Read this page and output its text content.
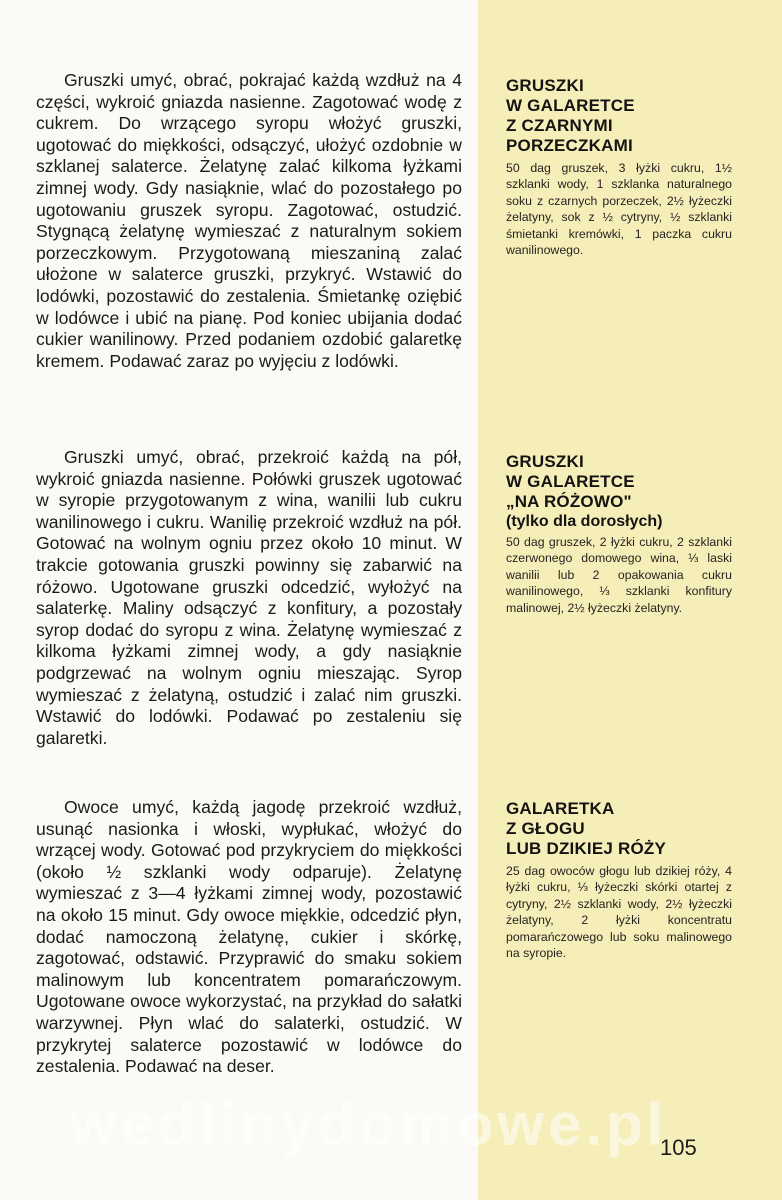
Gruszki umyć, obrać, pokrajać każdą wzdłuż na 4 części, wykroić gniazda nasienne. Zagotować wodę z cukrem. Do wrzącego syropu włożyć gruszki, ugotować do miękkości, odsączyć, ułożyć ozdobnie w szklanej salaterce. Żelatynę zalać kilkoma łyżkami zimnej wody. Gdy nasiąknie, wlać do pozostałego po ugotowaniu gruszek syropu. Zagotować, ostudzić. Stygnącą żelatynę wymieszać z naturalnym sokiem porzeczkowym. Przygotowaną mieszaniną zalać ułożone w salaterce gruszki, przykryć. Wstawić do lodówki, pozostawić do zestalenia. Śmietankę oziębić w lodówce i ubić na pianę. Pod koniec ubijania dodać cukier wanilinowy. Przed podaniem ozdobić galaretkę kremem. Podawać zaraz po wyjęciu z lodówki.

GRUSZKI
W GALARETCE
Z CZARNYMI
PORZECZKAMI

50 dag gruszek, 3 łyżki cukru, 1½ szklanki wody, 1 szklanka naturalnego soku z czarnych porzeczek, 2½ łyżeczki żelatyny, sok z ½ cytryny, ½ szklanki śmietanki kremówki, 1 paczka cukru wanilinowego.

Gruszki umyć, obrać, przekroić każdą na pół, wykroić gniazda nasienne. Połówki gruszek ugotować w syropie przygotowanym z wina, wanilii lub cukru wanilinowego i cukru. Wanilię przekroić wzdłuż na pół. Gotować na wolnym ogniu przez około 10 minut. W trakcie gotowania gruszki powinny się zabarwić na różowo. Ugotowane gruszki odcedzić, wyłożyć na salaterkę. Maliny odsączyć z konfitury, a pozostały syrop dodać do syropu z wina. Żelatynę wymieszać z kilkoma łyżkami zimnej wody, a gdy nasiąknie podgrzewać na wolnym ogniu mieszając. Syrop wymieszać z żelatyną, ostudzić i zalać nim gruszki. Wstawić do lodówki. Podawać po zestaleniu się galaretki.

GRUSZKI
W GALARETCE
„NA RÓŻOWO"

(tylko dla dorosłych)

50 dag gruszek, 2 łyżki cukru, 2 szklanki czerwonego domowego wina, ⅓ laski wanilii lub 2 opakowania cukru wanilinowego, ⅓ szklanki konfitury malinowej, 2½ łyżeczki żelatyny.

Owoce umyć, każdą jagodę przekroić wzdłuż, usunąć nasionka i włoski, wypłukać, włożyć do wrzącej wody. Gotować pod przykryciem do miękkości (około ½ szklanki wody odparuje). Żelatynę wymieszać z 3—4 łyżkami zimnej wody, pozostawić na około 15 minut. Gdy owoce miękkie, odcedzić płyn, dodać namoczoną żelatynę, cukier i skórkę, zagotować, odstawić. Przyprawić do smaku sokiem malinowym lub koncentratem pomarańczowym. Ugotowane owoce wykorzystać, na przykład do sałatki warzywnej. Płyn wlać do salaterki, ostudzić. W przykrytej salaterce pozostawić w lodówce do zestalenia. Podawać na deser.

GALARETKA
Z GŁOGU
LUB DZIKIEJ RÓŻY

25 dag owoców głogu lub dzikiej róży, 4 łyżki cukru, ⅓ łyżeczki skórki otartej z cytryny, 2½ szklanki wody, 2½ łyżeczki żelatyny, 2 łyżki koncentratu pomarańczowego lub soku malinowego na syropie.

wedlinydomowe.pl
105
